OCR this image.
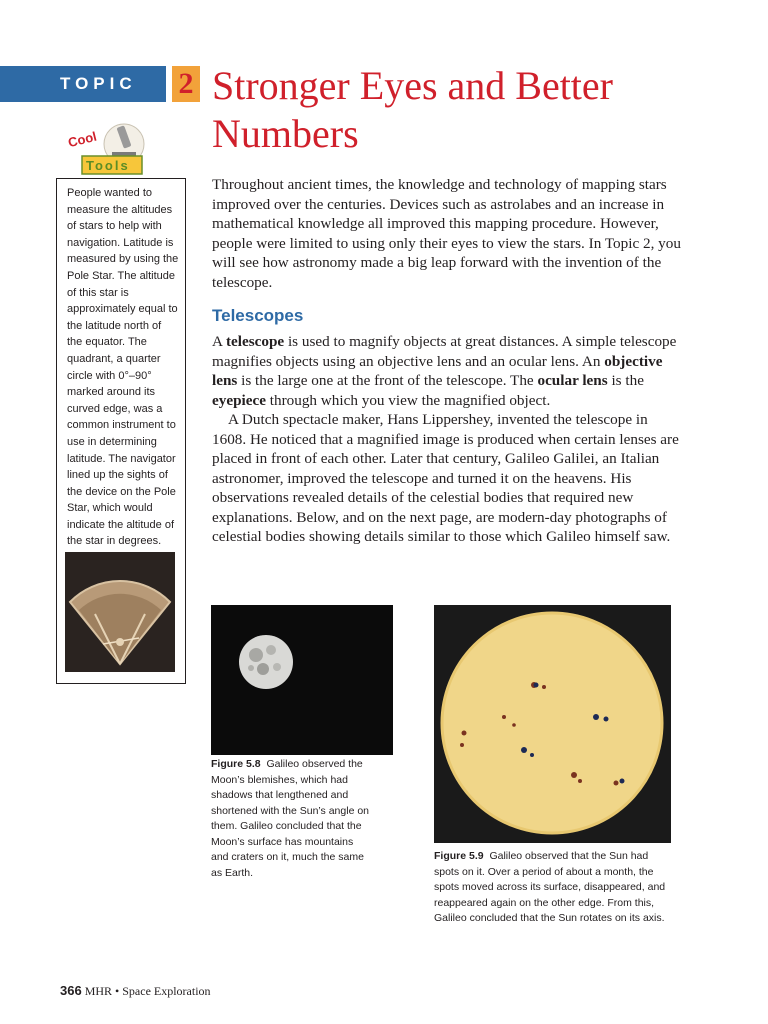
TOPIC 2 Stronger Eyes and Better Numbers
Cool
Tools
People wanted to measure the altitudes of stars to help with navigation. Latitude is measured by using the Pole Star. The altitude of this star is approximately equal to the latitude north of the equator. The quadrant, a quarter circle with 0°–90° marked around its curved edge, was a common instrument to use in determining latitude. The navigator lined up the sights of the device on the Pole Star, which would indicate the altitude of the star in degrees.

Throughout ancient times, the knowledge and technology of mapping stars improved over the centuries. Devices such as astrolabes and an increase in mathematical knowledge all improved this mapping procedure. However, people were limited to using only their eyes to view the stars. In Topic 2, you will see how astronomy made a big leap forward with the invention of the telescope.

Telescopes

A telescope is used to magnify objects at great distances. A simple telescope magnifies objects using an objective lens and an ocular lens. An objective lens is the large one at the front of the telescope. The ocular lens is the eyepiece through which you view the magnified object.

A Dutch spectacle maker, Hans Lippershey, invented the telescope in 1608. He noticed that a magnified image is produced when certain lenses are placed in front of each other. Later that century, Galileo Galilei, an Italian astronomer, improved the telescope and turned it on the heavens. His observations revealed details of the celestial bodies that required new explanations. Below, and on the next page, are modern-day photographs of celestial bodies showing details similar to those which Galileo himself saw.

Figure 5.8 Galileo observed the Moon’s blemishes, which had shadows that lengthened and shortened with the Sun’s angle on them. Galileo concluded that the Moon’s surface has mountains and craters on it, much the same as Earth.
Figure 5.9 Galileo observed that the Sun had spots on it. Over a period of about a month, the spots moved across its surface, disappeared, and reappeared again on the other edge. From this, Galileo concluded that the Sun rotates on its axis.
366 MHR • Space Exploration
